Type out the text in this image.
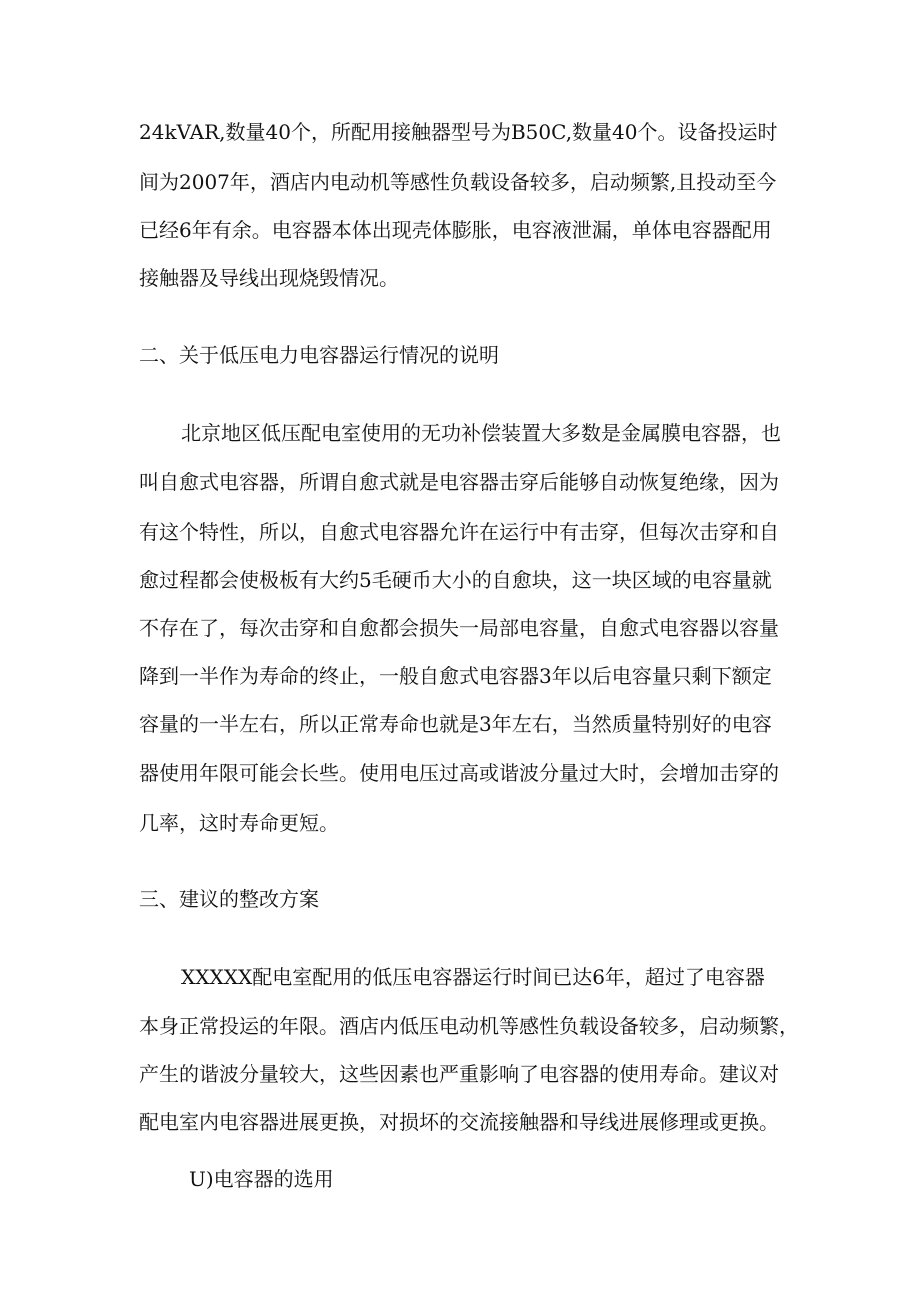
24kVAR,数量40个，所配用接触器型号为B50C,数量40个。设备投运时
间为2007年，酒店内电动机等感性负载设备较多，启动频繁,且投动至今
已经6年有余。电容器本体出现壳体膨胀，电容液泄漏，单体电容器配用
接触器及导线出现烧毁情况。
二、关于低压电力电容器运行情况的说明
北京地区低压配电室使用的无功补偿装置大多数是金属膜电容器，也
叫自愈式电容器，所谓自愈式就是电容器击穿后能够自动恢复绝缘，因为
有这个特性，所以，自愈式电容器允许在运行中有击穿，但每次击穿和自
愈过程都会使极板有大约5毛硬币大小的自愈块，这一块区域的电容量就
不存在了，每次击穿和自愈都会损失一局部电容量，自愈式电容器以容量
降到一半作为寿命的终止，一般自愈式电容器3年以后电容量只剩下额定
容量的一半左右，所以正常寿命也就是3年左右，当然质量特别好的电容
器使用年限可能会长些。使用电压过高或谐波分量过大时，会增加击穿的
几率，这时寿命更短。
三、建议的整改方案
XXXXX配电室配用的低压电容器运行时间已达6年，超过了电容器
本身正常投运的年限。酒店内低压电动机等感性负载设备较多，启动频繁，
产生的谐波分量较大，这些因素也严重影响了电容器的使用寿命。建议对
配电室内电容器进展更换，对损坏的交流接触器和导线进展修理或更换。
U)电容器的选用
